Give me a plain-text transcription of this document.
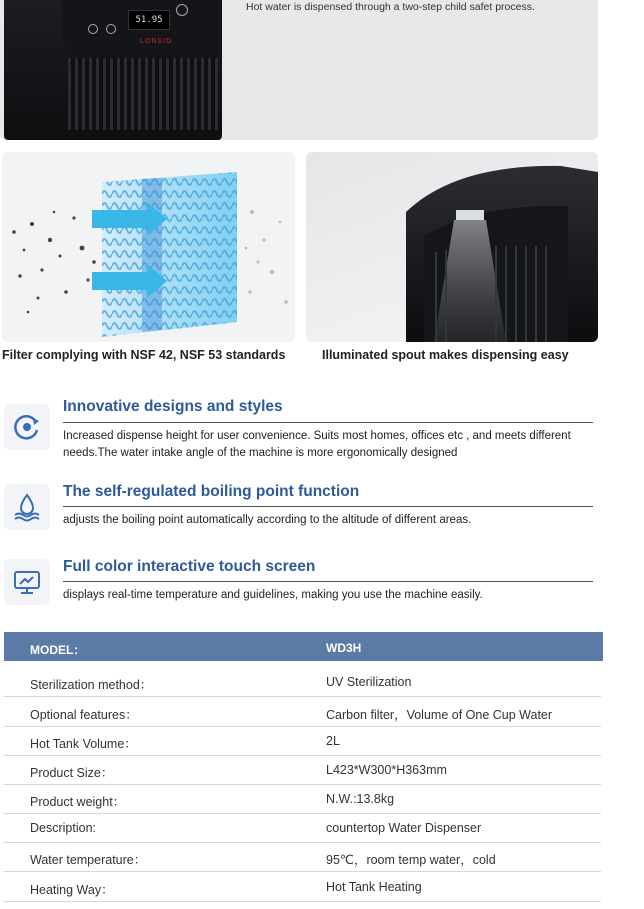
51.95
LONSID
Hot water is dispensed through a two-step child safet process.
Filter complying with NSF 42, NSF 53 standards	Illuminated spout makes dispensing easy
Innovative designs and styles
Increased dispense height for user convenience. Suits most homes, offices etc , and meets different needs.The water intake angle of the machine is more ergonomically designed
The self-regulated boiling point function
adjusts the boiling point automatically according to the altitude of different areas.
Full color interactive touch screen
displays real-time temperature and guidelines, making you use the machine easily.
MODEL：	WD3H
Sterilization method：	UV Sterilization
Optional features：	Carbon filter，Volume of One Cup Water
Hot Tank Volume：	2L
Product Size：	L423*W300*H363mm
Product weight：	N.W.:13.8kg
Description:	countertop Water Dispenser
Water temperature：	95℃，room temp water，cold
Heating Way：	Hot Tank Heating
